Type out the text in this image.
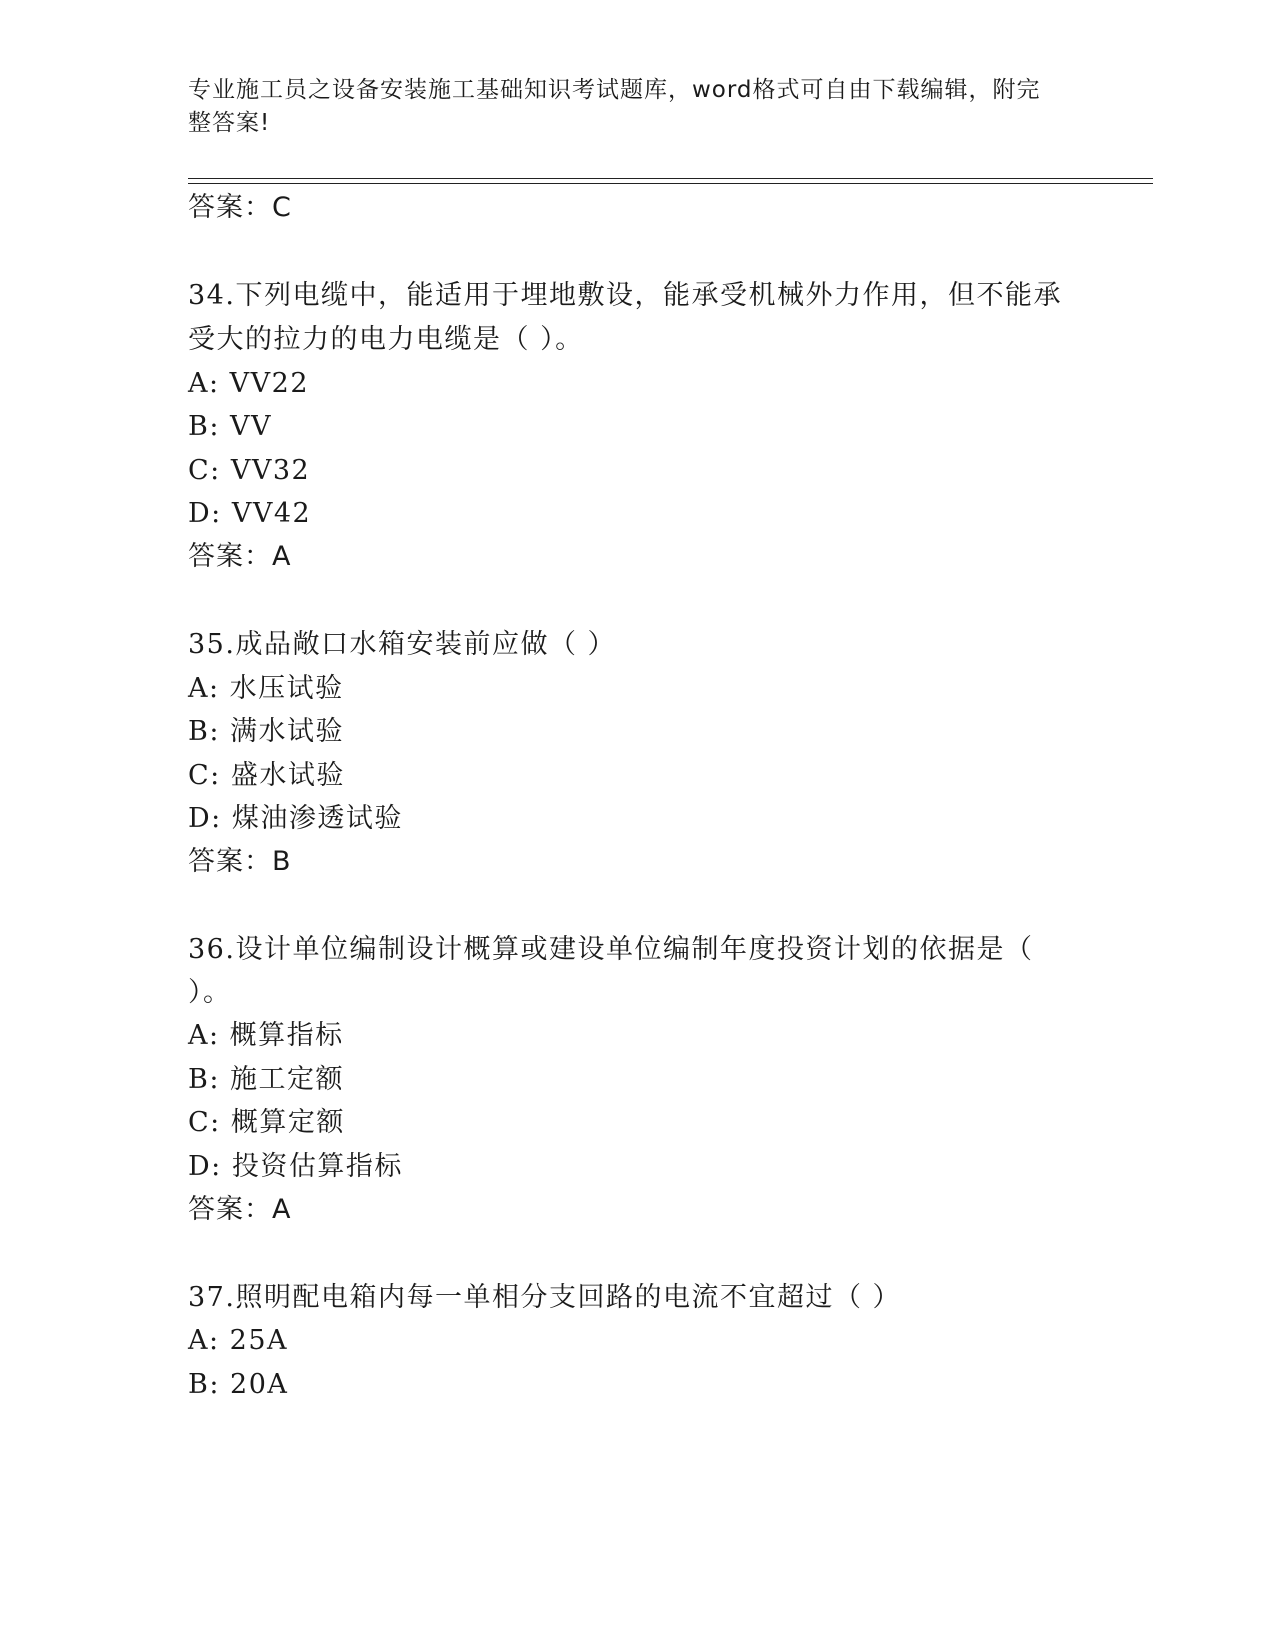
专业施工员之设备安装施工基础知识考试题库，word格式可自由下载编辑，附完
整答案!
答案：C
34.下列电缆中，能适用于埋地敷设，能承受机械外力作用，但不能承
受大的拉力的电力电缆是（ ）。
A: VV22
B: VV
C: VV32
D: VV42
答案：A
35.成品敞口水箱安装前应做（ ）
A: 水压试验
B: 满水试验
C: 盛水试验
D: 煤油渗透试验
答案：B
36.设计单位编制设计概算或建设单位编制年度投资计划的依据是（
）。
A: 概算指标
B: 施工定额
C: 概算定额
D: 投资估算指标
答案：A
37.照明配电箱内每一单相分支回路的电流不宜超过（ ）
A: 25A
B: 20A
